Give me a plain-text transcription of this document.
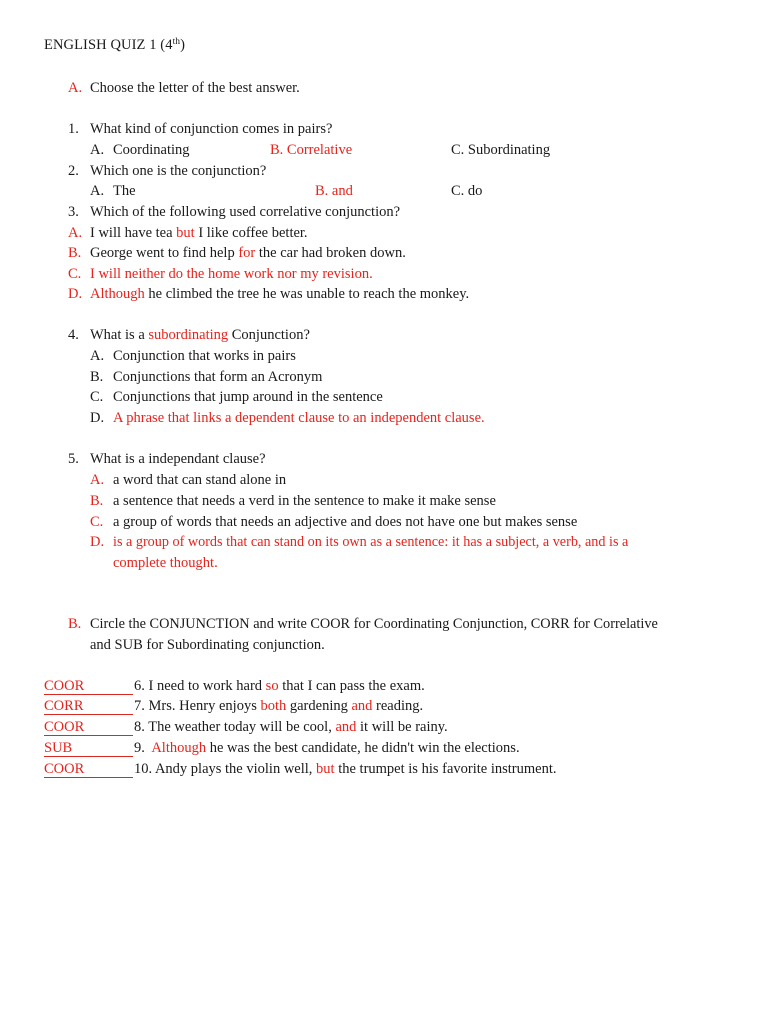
ENGLISH QUIZ 1 (4th)
A. Choose the letter of the best answer.
1. What kind of conjunction comes in pairs?
A. Coordinating	B. Correlative	C. Subordinating
2. Which one is the conjunction?
A. The	B. and	C. do
3. Which of the following used correlative conjunction?
A. I will have tea but I like coffee better.
B. George went to find help for the car had broken down.
C. I will neither do the home work nor my revision.
D. Although he climbed the tree he was unable to reach the monkey.
4. What is a subordinating Conjunction?
A. Conjunction that works in pairs
B. Conjunctions that form an Acronym
C. Conjunctions that jump around in the sentence
D. A phrase that links a dependent clause to an independent clause.
5. What is a independant clause?
A. a word that can stand alone in
B. a sentence that needs a verd in the sentence to make it make sense
C. a group of words that needs an adjective and does not have one but makes sense
D. is a group of words that can stand on its own as a sentence: it has a subject, a verb, and is a
complete thought.
B. Circle the CONJUNCTION and write COOR for Coordinating Conjunction, CORR for Correlative
and SUB for Subordinating conjunction.
COOR	6. I need to work hard so that I can pass the exam.
CORR	7. Mrs. Henry enjoys both gardening and reading.
COOR	8. The weather today will be cool, and it will be rainy.
SUB	9. Although he was the best candidate, he didn't win the elections.
COOR	10. Andy plays the violin well, but the trumpet is his favorite instrument.
